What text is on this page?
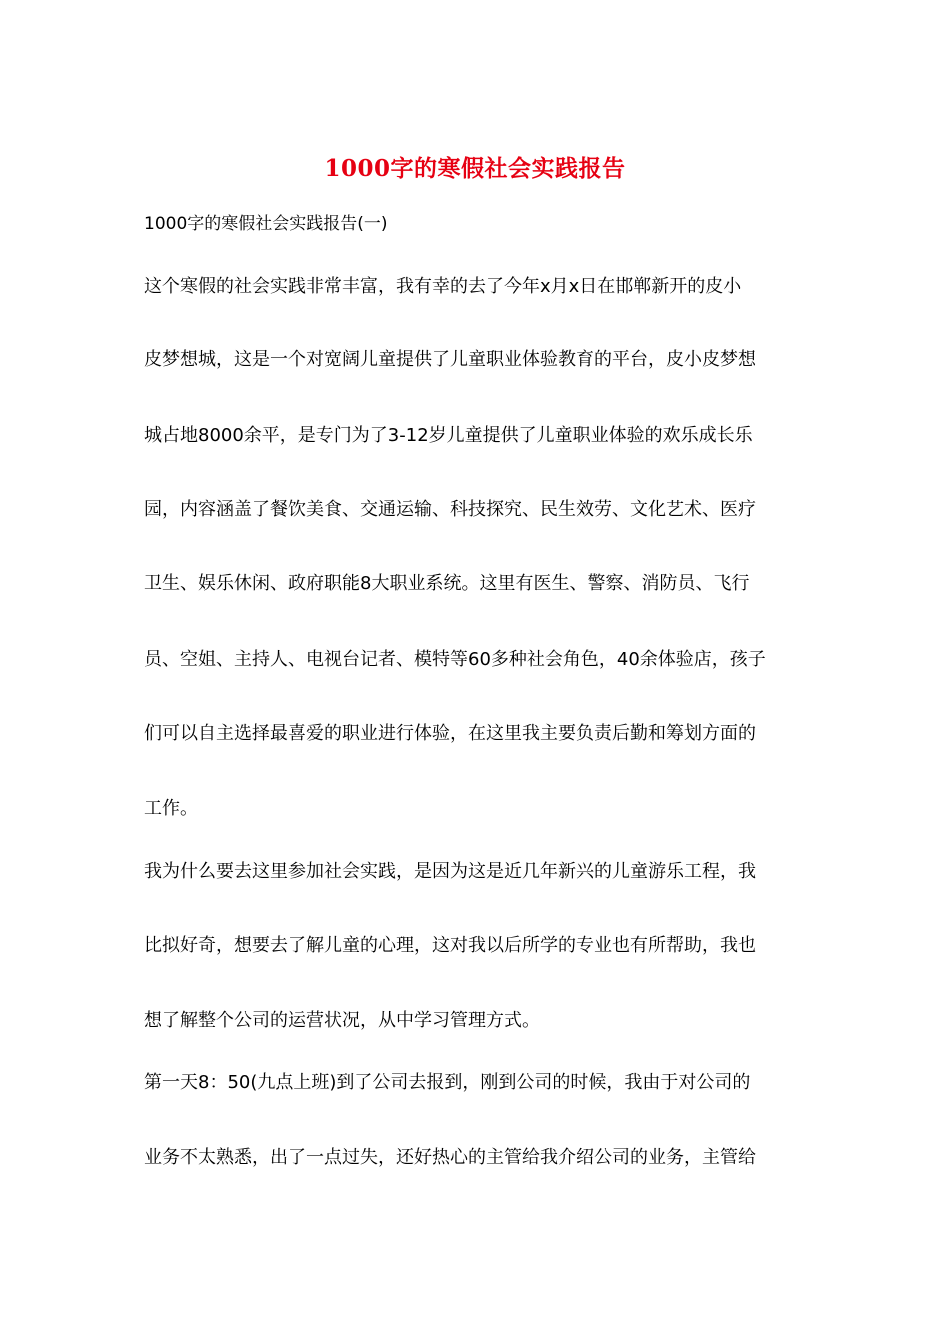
1000字的寒假社会实践报告
1000字的寒假社会实践报告(一)
这个寒假的社会实践非常丰富，我有幸的去了今年x月x日在邯郸新开的皮小
皮梦想城，这是一个对宽阔儿童提供了儿童职业体验教育的平台，皮小皮梦想
城占地8000余平，是专门为了3-12岁儿童提供了儿童职业体验的欢乐成长乐
园，内容涵盖了餐饮美食、交通运输、科技探究、民生效劳、文化艺术、医疗
卫生、娱乐休闲、政府职能8大职业系统。这里有医生、警察、消防员、飞行
员、空姐、主持人、电视台记者、模特等60多种社会角色，40余体验店，孩子
们可以自主选择最喜爱的职业进行体验，在这里我主要负责后勤和筹划方面的
工作。
我为什么要去这里参加社会实践，是因为这是近几年新兴的儿童游乐工程，我
比拟好奇，想要去了解儿童的心理，这对我以后所学的专业也有所帮助，我也
想了解整个公司的运营状况，从中学习管理方式。
第一天8：50(九点上班)到了公司去报到，刚到公司的时候，我由于对公司的
业务不太熟悉，出了一点过失，还好热心的主管给我介绍公司的业务，主管给
